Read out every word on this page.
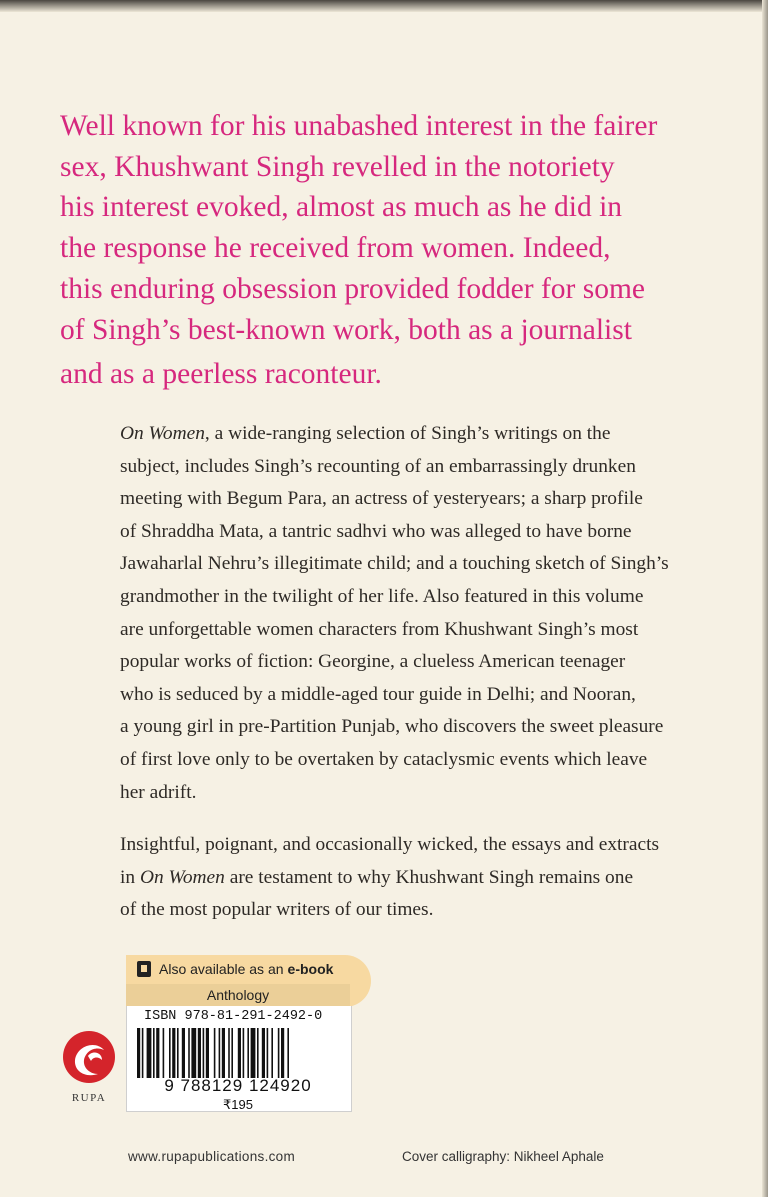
Well known for his unabashed interest in the fairer
sex, Khushwant Singh revelled in the notoriety
his interest evoked, almost as much as he did in
the response he received from women. Indeed,
this enduring obsession provided fodder for some
of Singh’s best-known work, both as a journalist
and as a peerless raconteur.

On Women, a wide-ranging selection of Singh’s writings on the
subject, includes Singh’s recounting of an embarrassingly drunken
meeting with Begum Para, an actress of yesteryears; a sharp profile
of Shraddha Mata, a tantric sadhvi who was alleged to have borne
Jawaharlal Nehru’s illegitimate child; and a touching sketch of Singh’s
grandmother in the twilight of her life. Also featured in this volume
are unforgettable women characters from Khushwant Singh’s most
popular works of fiction: Georgine, a clueless American teenager
who is seduced by a middle-aged tour guide in Delhi; and Nooran,
a young girl in pre-Partition Punjab, who discovers the sweet pleasure
of first love only to be overtaken by cataclysmic events which leave
her adrift.

Insightful, poignant, and occasionally wicked, the essays and extracts
in On Women are testament to why Khushwant Singh remains one
of the most popular writers of our times.

Also available as an e-book
Anthology
ISBN 978-81-291-2492-0
9 788129 124920
₹195
RUPA
www.rupapublications.com	Cover calligraphy: Nikheel Aphale
